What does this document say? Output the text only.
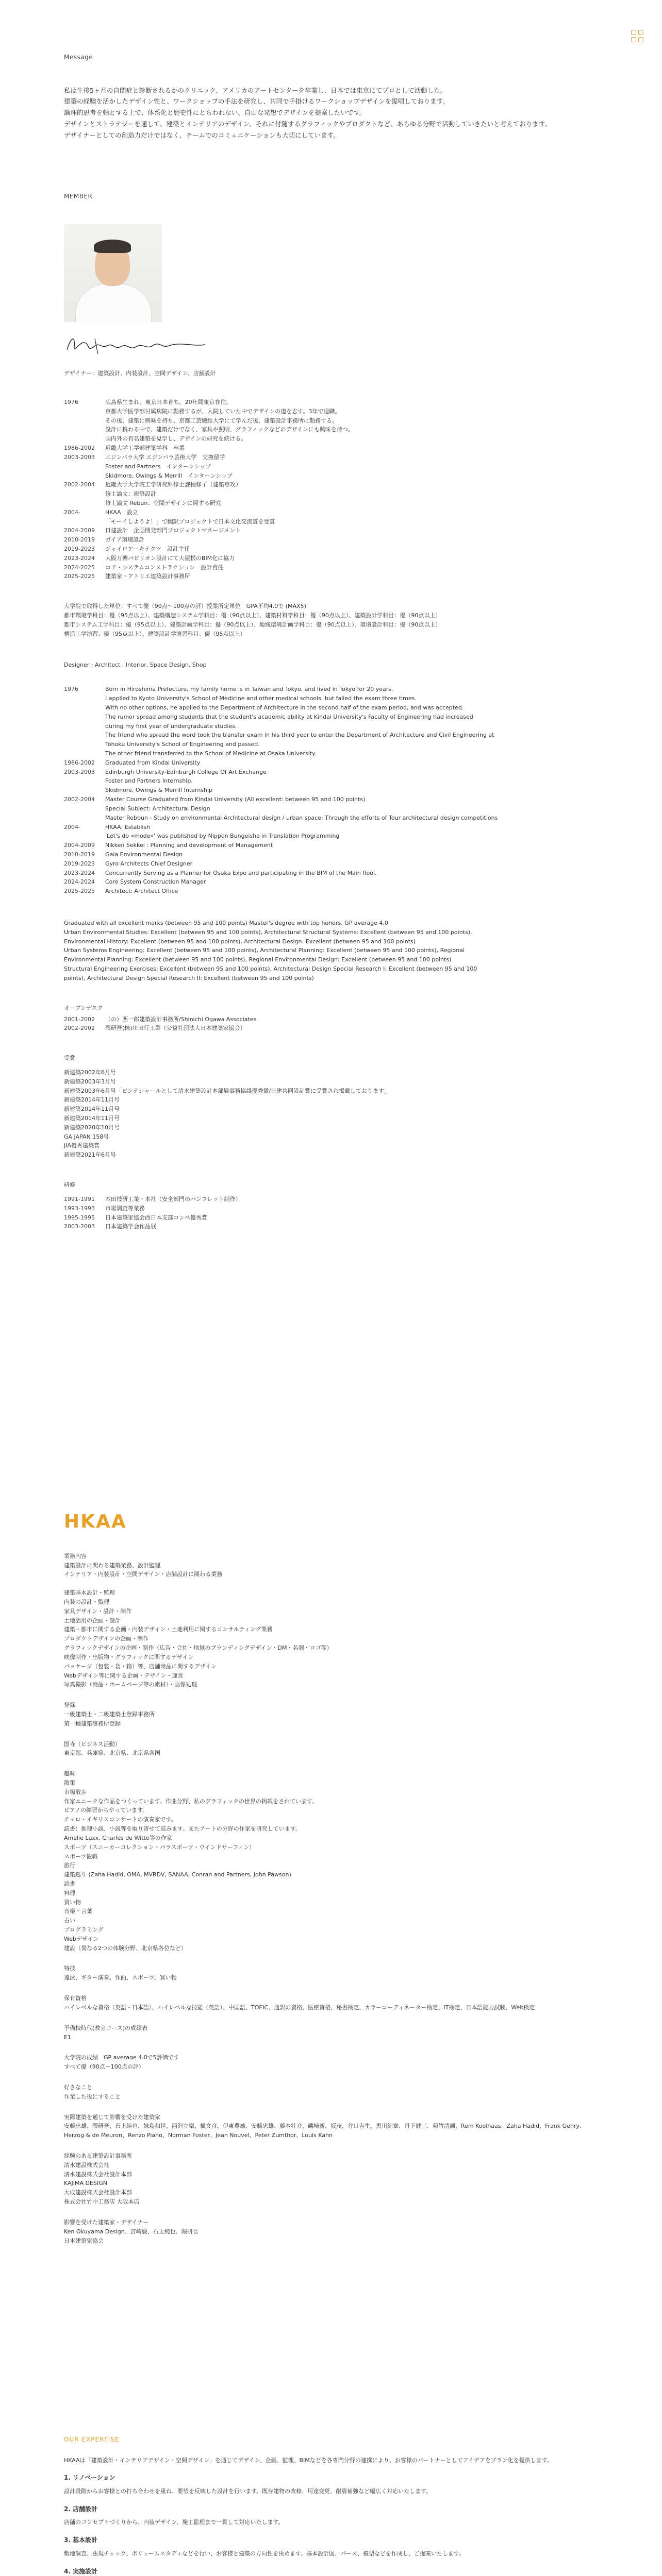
Message

私は生後5ヶ月の自閉症と診断されるかのクリニック、アメリカのアートセンターを卒業し、日本では東京にてプロとして活動した。

建築の経験を活かしたデザイン性と、ワークショップの手法を研究し、共同で手掛けるワークショップデザインを提唱しております。

論理的思考を軸とする上で、体系化と歴史性にとらわれない、自由な発想でデザインを提案したいです。

デザインとストラテジーを通して、建築とインテリアのデザイン、それに付随するグラフィックやプロダクトなど、あらゆる分野で活動していきたいと考えております。

デザイナーとしての創造力だけではなく、チームでのコミュニケーションも大切にしています。

MEMBER
デザイナー：建築設計、内装設計、空間デザイン、店舗設計
1976	広島県生まれ。東京日本育ち。20年間東京在住。
京都大学医学部付属病院に勤務するが、入院していた中でデザインの道を志す。3年で退職。
その後、建築に興味を持ち、京都工芸繊維大学にて学んだ後、建築設計事務所に勤務する。
設計に携わる中で、建築だけでなく、家具や照明、グラフィックなどのデザインにも興味を持つ。
国内外の有名建築を見学し、デザインの研究を続ける。
1986-2002	近畿大学工学部建築学科　卒業
2003-2003	エジンバラ大学 エジンバラ芸術大学　交換留学
Foster and Partners　インターンシップ
Skidmore, Owings & Merrill　インターンシップ
2002-2004	近畿大学大学院工学研究科修士課程修了（建築専攻）
修士論文：建築設計
修士論文 Rebun：空間デザインに関する研究
2004-	HKAA　設立
「モーイしようよ！」で翻訳プロジェクトで日本文化交流賞を受賞
2004-2009	日建設計　企画開発部門プロジェクトマネージメント
2010-2019	ガイア環境設計
2019-2023	ジャイロアーキテクツ　設計主任
2023-2024	大阪万博パビリオン設計にて大屋根のBIM化に協力
2024-2025	コア・システムコンストラクション　設計責任
2025-2025	建築家・アトリエ建築設計事務所
大学院で取得した単位：すべて優（90点〜100点の評）授業所定単位　GPA平均4.0で (MAX5)
都市環境学科目：優（95点以上）、建築構造システム学科目：優（90点以上）、建築材料学科目：優（90点以上）、建築設計学科目：優（90点以上）
都市システム工学科目：優（95点以上）、建築計画学科目：優（90点以上）、地域環境計画学科目：優（90点以上）、環境設計科目：優（90点以上）
構造工学演習：優（95点以上）、建築設計学演習科目：優（95点以上）
Designer : Architect , Interior, Space Design, Shop
1976	Born in Hiroshima Prefecture, my family home is in Taiwan and Tokyo, and lived in Tokyo for 20 years.
I applied to Kyoto University's School of Medicine and other medical schools, but failed the exam three times.
With no other options, he applied to the Department of Architecture in the second half of the exam period, and was accepted.
The rumor spread among students that the student's academic ability at Kindai University's Faculty of Engineering had increased
during my first year of undergraduate studies.
The friend who spread the word took the transfer exam in his third year to enter the Department of Architecture and Civil Engineering at
Tohoku University's School of Engineering and passed.
The other friend transferred to the School of Medicine at Osaka University.
1986-2002	Graduated from Kindai University
2003-2003	Edinburgh University-Edinburgh College Of Art Exchange
Foster and Partners Internship.
Skidmore, Owings & Merrill Internship
2002-2004	Master Course Graduated from Kindai University (All excellent: between 95 and 100 points)
Special Subject: Architectural Design
Master Rebbun - Study on environmental Architectural design / urban space: Through the efforts of Tour architectural design competitions
2004-	HKAA: Establish
'Let's do «mode»' was published by Nippon Bungeisha in Translation Programming
2004-2009	Nikken Sekkei : Planning and development of Management
2010-2019	Gaia Environmental Design
2019-2023	Gyro Architects Chief Designer
2023-2024	Concurrently Serving as a Planner for Osaka Expo and participating in the BIM of the Main Roof.
2024-2024	Core System Construction Manager
2025-2025	Architect: Architect Office
Graduated with all excellent marks (between 95 and 100 points) Master's degree with top honors. GP average 4.0
Urban Environmental Studies: Excellent (between 95 and 100 points), Architectural Structural Systems: Excellent (between 95 and 100 points),
Environmental History: Excellent (between 95 and 100 points), Architectural Design: Excellent (between 95 and 100 points)
Urban Systems Engineering: Excellent (between 95 and 100 points), Architectural Planning: Excellent (between 95 and 100 points), Regional
Environmental Planning: Excellent (between 95 and 100 points), Regional Environmental Design: Excellent (between 95 and 100 points)
Structural Engineering Exercises: Excellent (between 95 and 100 points), Architectural Design Special Research I: Excellent (between 95 and 100
points), Architectural Design Special Research II: Excellent (between 95 and 100 points)
オープンデスク
2001-2002	（の）西一郎建築設計事務所/Shinichi Ogawa Associates
2002-2002	隈研吾(株)川田行工業（公益社団法人日本建築家協会）
受賞
新建築2002年6月号
新建築2003年3月号
新建築2003年6月号「ピンテシャールとして清水建築設計本部展事務協議優秀賞/日建共同設計賞に受賞され掲載しております」
新建築2014年11月号
新建築2014年11月号
新建築2014年11月号
新建築2020年10月号
GA JAPAN 158号
JIA優秀建築賞
新建築2021年6月号
研修
1991-1991	本田技研工業・本社（安全部門のパンフレット制作）
1993-1993	市場調査等業務
1995-1995	日本建築家協会西日本支部コンペ優秀賞
2003-2003	日本建築学会作品展
HKAA
業務内容
建築設計に関わる建築業務、設計監理
インテリア・内装設計・空間デザイン・店舗設計に関わる業務
建築基本設計・監理
内装の設計・監理
家具デザイン・設計・制作
土地活用の企画・設計
建築・都市に関する企画・内装デザイン・土地利用に関するコンサルティング業務
プロダクトデザインの企画・制作
グラフィックデザインの企画・制作（広告・会社・地域のブランディングデザイン・DM・名刺・ロゴ等）
映像制作・出版物・グラフィックに関するデザイン
パッケージ（包装・袋・箱）等、店舗商品に関するデザイン
Webデザイン等に関する企画・デザイン・運営
写真撮影（商品・ホームページ等の素材）・画像処理
登録
一級建築士・二級建築士登録事務所
第一種建築事務所登録
国寺（ビジネス活動）
東京都、兵庫県、北京県、北京県各国
趣味
散策
市場散歩
作家ユニークな作品をつくっています。作曲分野、私のグラフィックの世界の掲載をされています。
ピアノの練習からやっています。
チェロ・イギリスコンサートの演奏家です。
読書：推理小説、小説等を取り寄せて読みます。またアートの分野の作家を研究しています。
Amelie Luxx, Charles de Witte等の作家
スポーツ（スニーカーコレクション・パラスポーツ・ウインドサーフィン）
スポーツ観戦
旅行
建築巡り (Zaha Hadid, OMA, MVRDV, SANAA, Conran and Partners, John Pawson)
読書
料理
買い物
音楽・言葉
占い
プログラミング
Webデザイン
建設（異なる2つの体験分野、北京県各位など）
特技
遠泳、ギター演奏、作曲、スポーツ、買い物
保有資格
ハイレベルな資格（英語・日本語）、ハイレベルな技能（英語）、中国語、TOEIC、通訳の資格、医療資格、秘書検定、カラーコーディネーター検定、IT検定、日本語能力試験、Web検定
予備校時代(教室コース)の成績表
E1
大学院の成績　GP average 4.0で5評価です
すべて優（90点〜100点の評）
好きなこと
作業した後にすること
実際建築を通じて影響を受けた建築家
安藤忠雄、隈研吾、石上純也、妹島和世、西沢立衛、槇文彦、伊東豊雄、安藤忠雄、藤本壮介、磯崎新、坂茂、谷口吉生、黒川紀章、丹下健三、菊竹清訓、Rem Koolhaas、Zaha Hadid、Frank Gehry、Herzog & de Meuron、Renzo Piano、Norman Foster、Jean Nouvel、Peter Zumthor、Louis Kahn
経験のある建築設計事務所
清水建設株式会社
清水建設株式会社設計本部
KAJIMA DESIGN
大成建設株式会社設計本部
株式会社竹中工務店 大阪本店
影響を受けた建築家・デザイナー
Ken Okuyama Design、宮崎駿、石上純也、隈研吾
日本建築家協会
OUR EXPERTISE
HKAAは「建築設計・インテリアデザイン・空間デザイン」を通じてデザイン、企画、監理、BIMなどを各専門分野の連携により、お客様のパートナーとしてアイデアをプラン化を提供します。
1. リノベーション
設計段階からお客様との打ち合わせを重ね、要望を反映した設計を行います。既存建物の改修、用途変更、耐震補強など幅広く対応いたします。
2. 店舗設計
店舗のコンセプトづくりから、内装デザイン、施工監理まで一貫して対応いたします。
3. 基本設計
敷地調査、法規チェック、ボリュームスタディなどを行い、お客様と建築の方向性を決めます。基本設計図、パース、模型などを作成し、ご提案いたします。
4. 実施設計
